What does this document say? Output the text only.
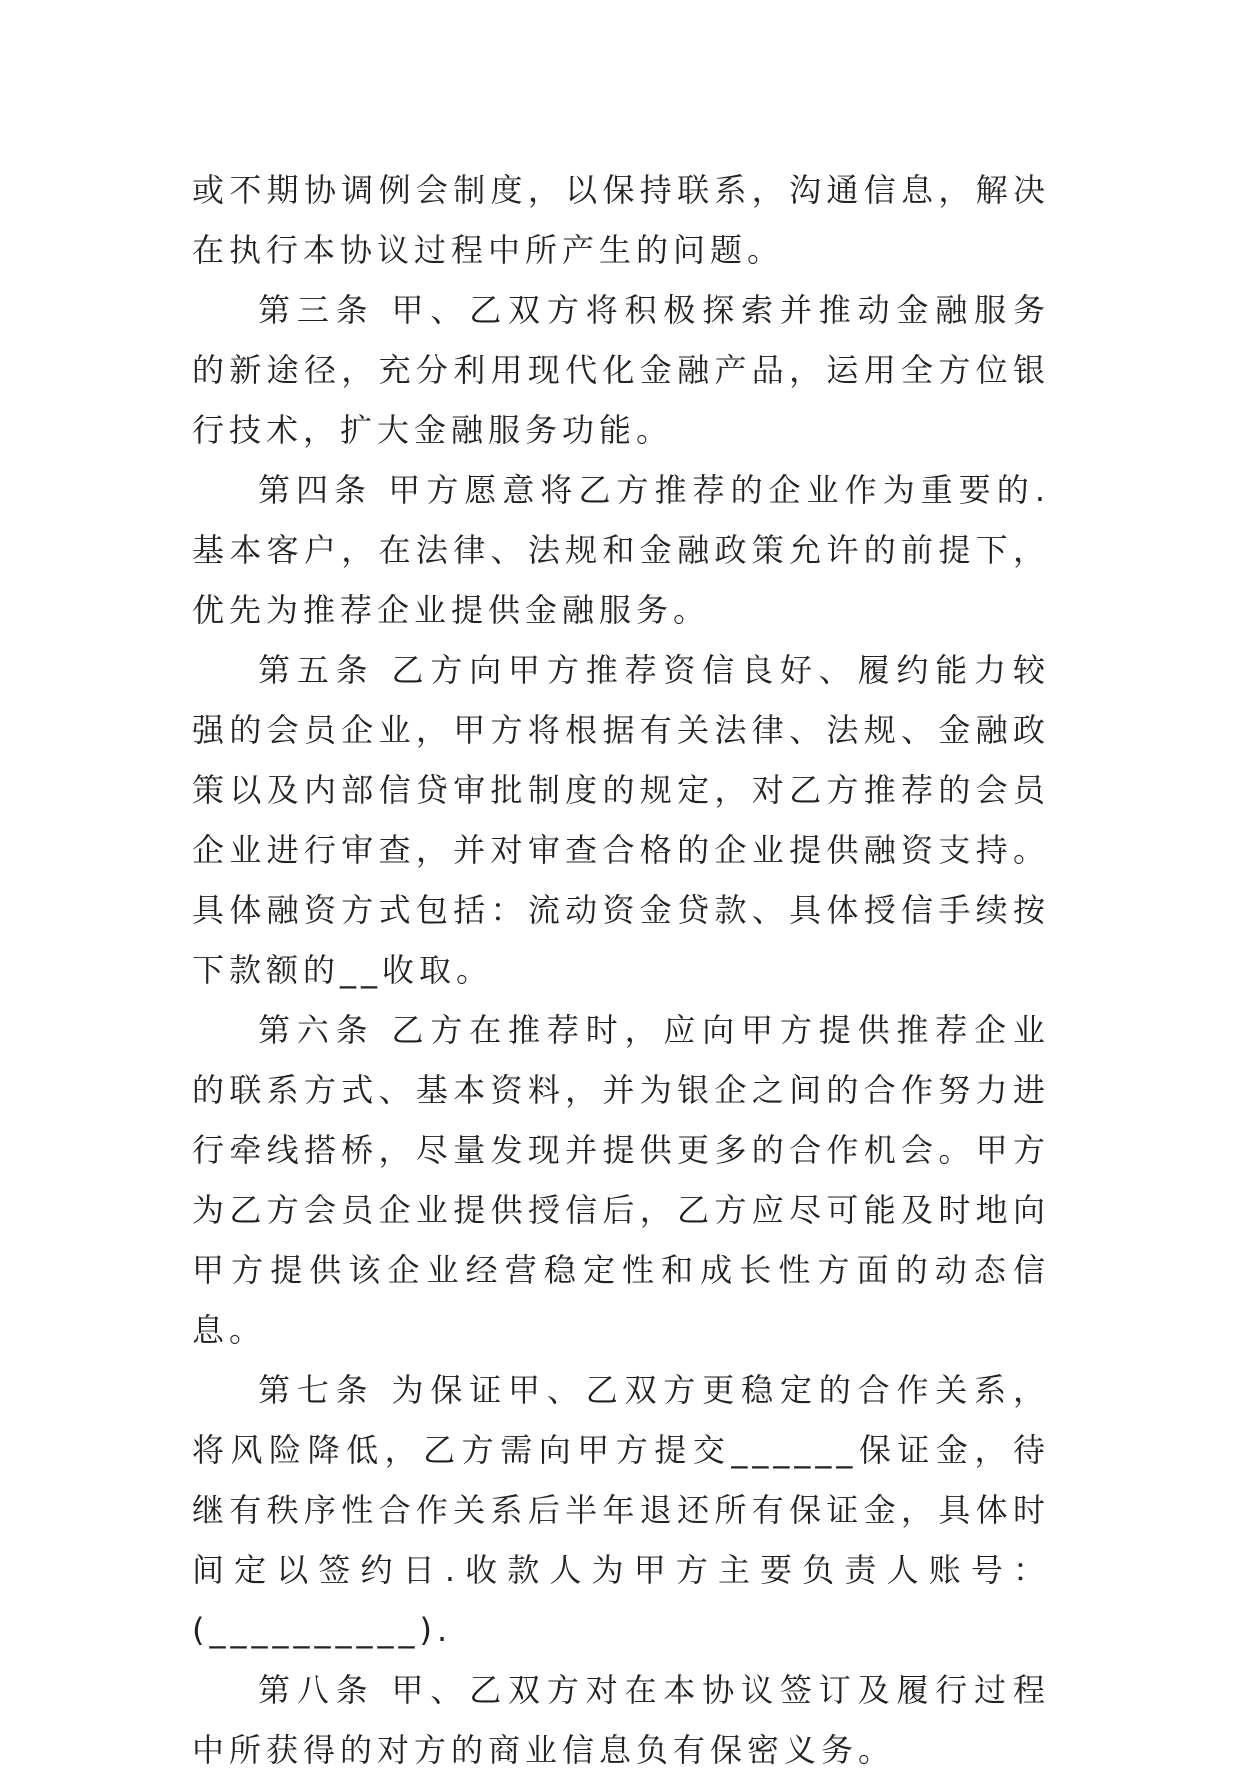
或不期协调例会制度，以保持联系，沟通信息，解决在执行本协议过程中所产生的问题。

第三条 甲、乙双方将积极探索并推动金融服务的新途径，充分利用现代化金融产品，运用全方位银行技术，扩大金融服务功能。

第四条 甲方愿意将乙方推荐的企业作为重要的.基本客户，在法律、法规和金融政策允许的前提下，优先为推荐企业提供金融服务。

第五条 乙方向甲方推荐资信良好、履约能力较强的会员企业，甲方将根据有关法律、法规、金融政策以及内部信贷审批制度的规定，对乙方推荐的会员企业进行审查，并对审查合格的企业提供融资支持。具体融资方式包括：流动资金贷款、具体授信手续按下款额的__收取。

第六条 乙方在推荐时，应向甲方提供推荐企业的联系方式、基本资料，并为银企之间的合作努力进行牵线搭桥，尽量发现并提供更多的合作机会。甲方为乙方会员企业提供授信后，乙方应尽可能及时地向甲方提供该企业经营稳定性和成长性方面的动态信息。

第七条 为保证甲、乙双方更稳定的合作关系，将风险降低，乙方需向甲方提交______保证金，待继有秩序性合作关系后半年退还所有保证金，具体时间定以签约日.收款人为甲方主要负责人账号：(__________).

第八条 甲、乙双方对在本协议签订及履行过程中所获得的对方的商业信息负有保密义务。
